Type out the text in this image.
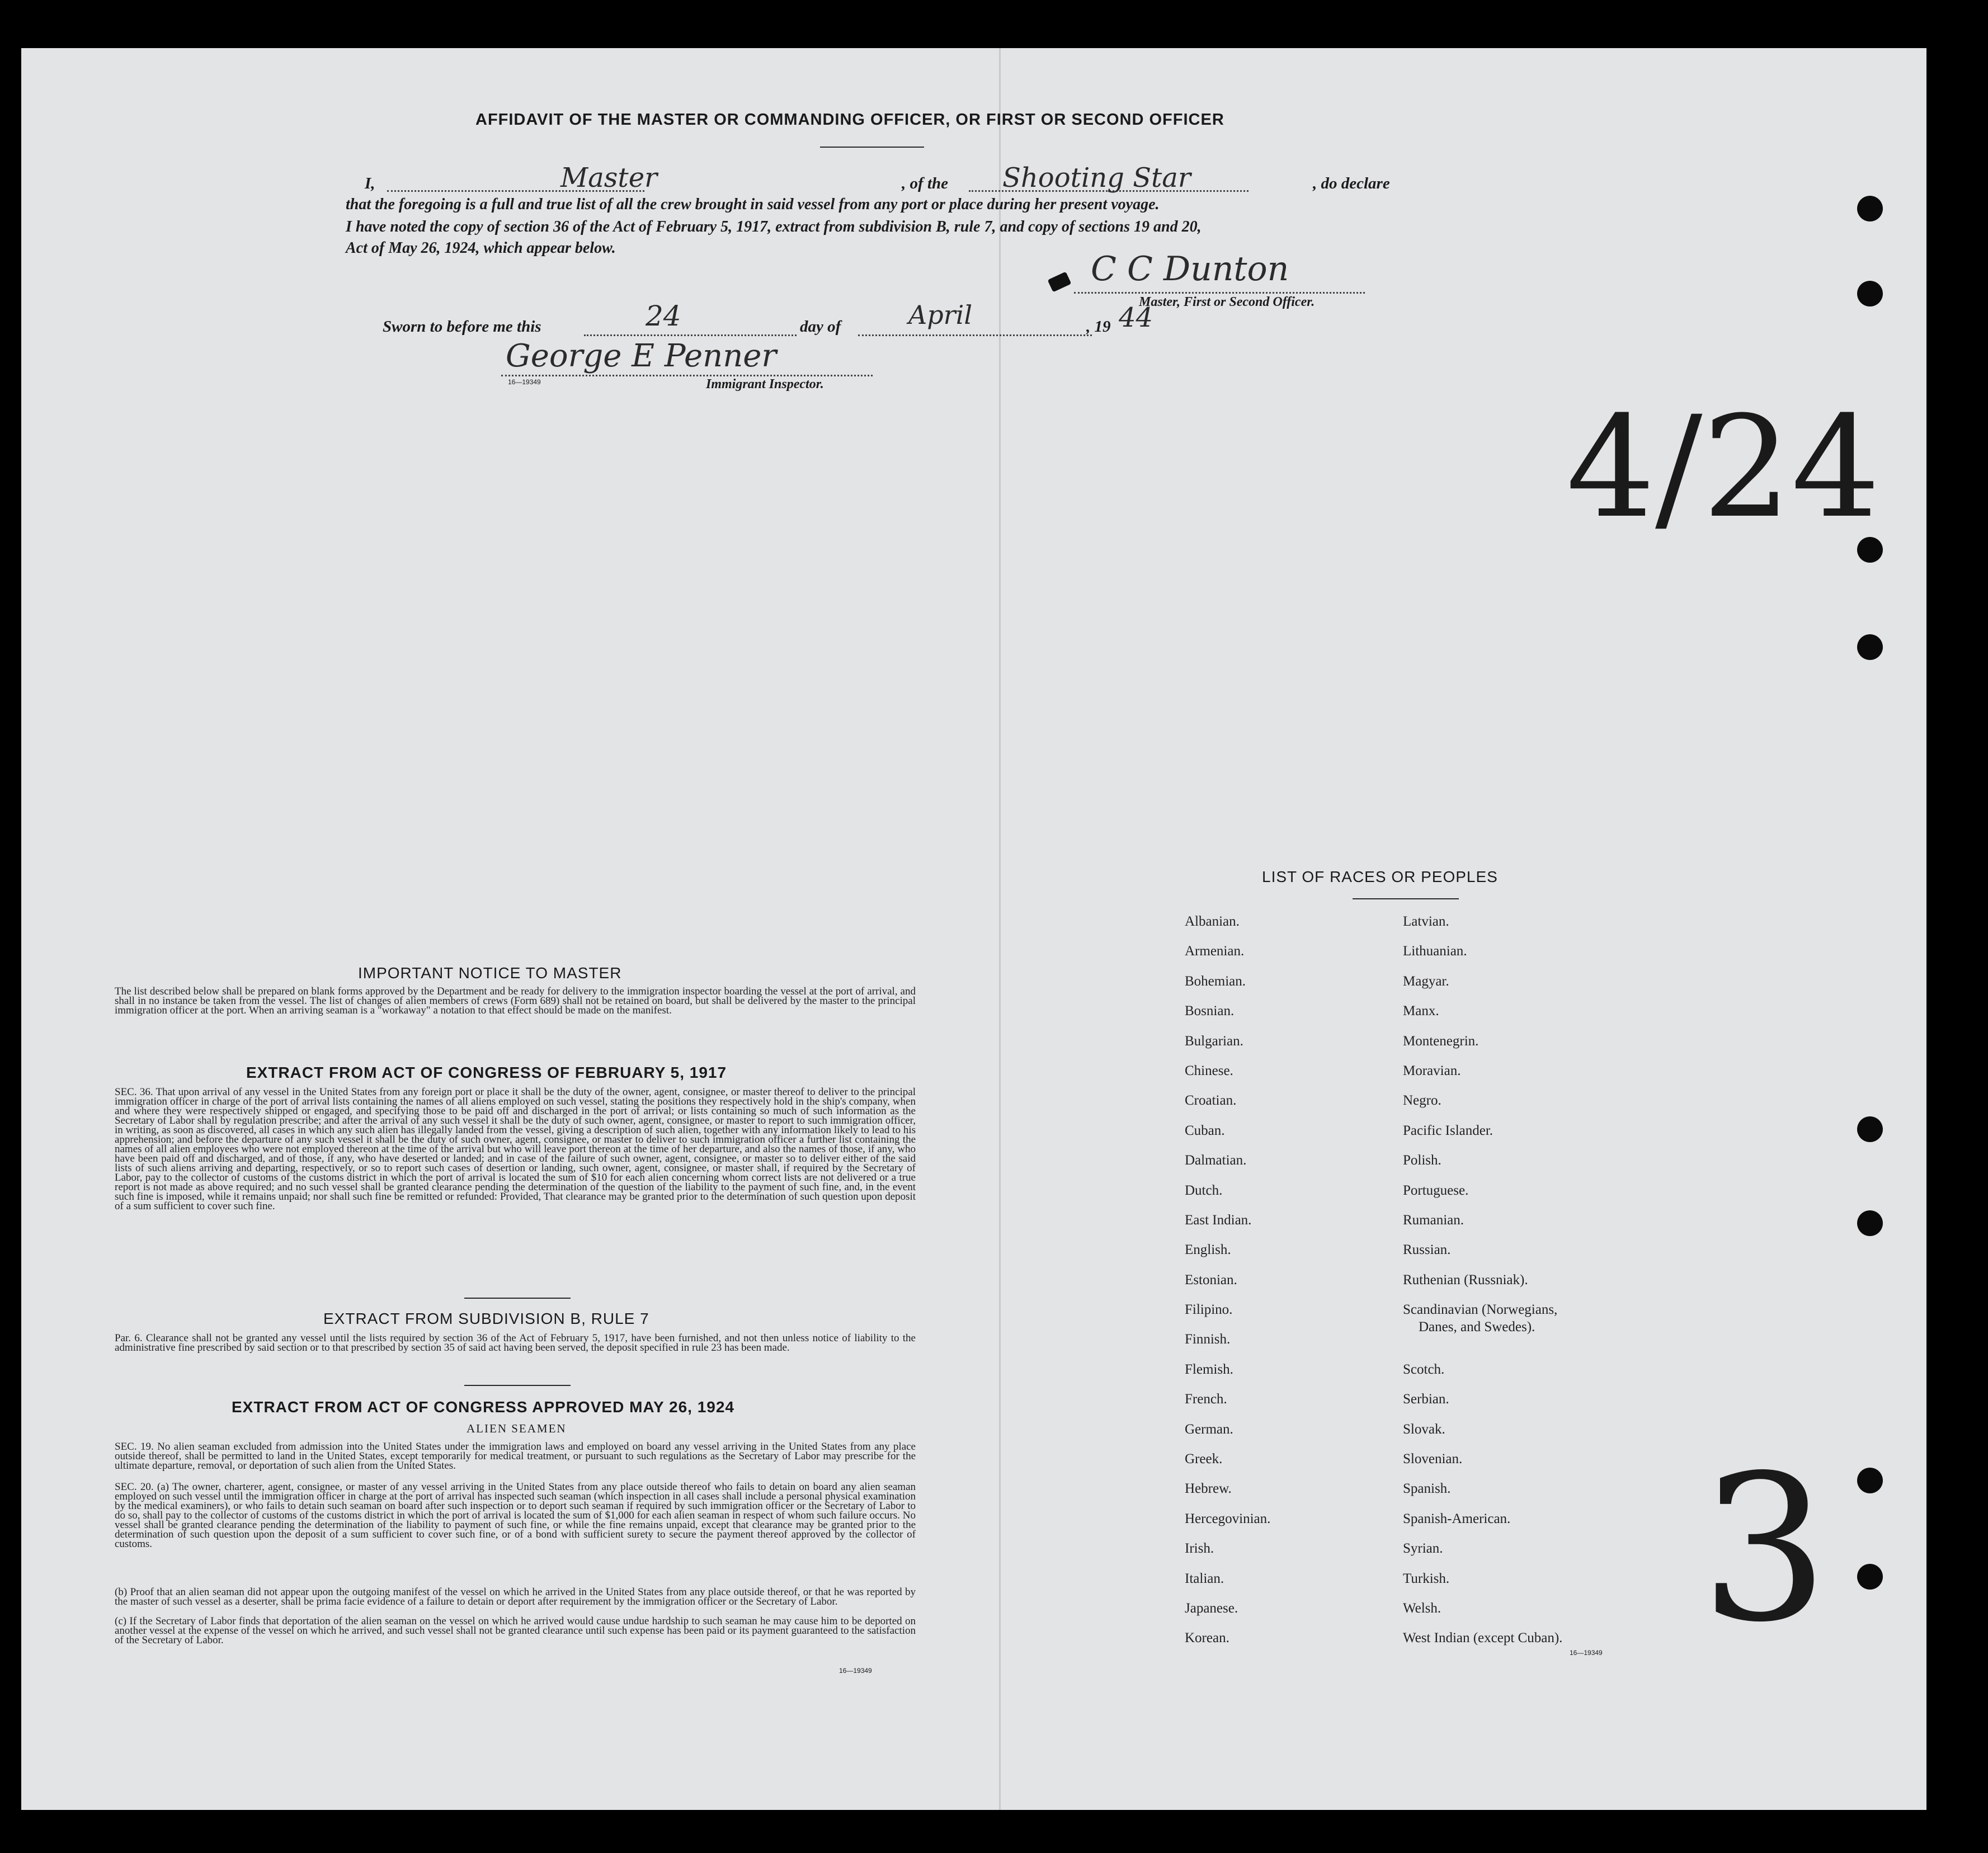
AFFIDAVIT OF THE MASTER OR COMMANDING OFFICER, OR FIRST OR SECOND OFFICER
I,	Master	, of the Shooting Star	, do declare
that the foregoing is a full and true list of all the crew brought in said vessel from any port or place during her present voyage.
I have noted the copy of section 36 of the Act of February 5, 1917, extract from subdivision B, rule 7, and copy of sections 19 and 20,
Act of May 26, 1924, which appear below.
C C Dunton
Master, First or Second Officer.
Sworn to before me this	24	day of	April	, 19 44
George E Penner
16—19349	Immigrant Inspector.
4/24
3
IMPORTANT NOTICE TO MASTER
The list described below shall be prepared on blank forms approved by the Department and be ready for delivery to the immigration inspector boarding the vessel at the port of arrival, and shall in no instance be taken from the vessel. The list of changes of alien members of crews (Form 689) shall not be retained on board, but shall be delivered by the master to the principal immigration officer at the port. When an arriving seaman is a "workaway" a notation to that effect should be made on the manifest.
EXTRACT FROM ACT OF CONGRESS OF FEBRUARY 5, 1917
SEC. 36. That upon arrival of any vessel in the United States from any foreign port or place it shall be the duty of the owner, agent, consignee, or master thereof to deliver to the principal immigration officer in charge of the port of arrival lists containing the names of all aliens employed on such vessel, stating the positions they respectively hold in the ship's company, when and where they were respectively shipped or engaged, and specifying those to be paid off and discharged in the port of arrival; or lists containing so much of such information as the Secretary of Labor shall by regulation prescribe; and after the arrival of any such vessel it shall be the duty of such owner, agent, consignee, or master to report to such immigration officer, in writing, as soon as discovered, all cases in which any such alien has illegally landed from the vessel, giving a description of such alien, together with any information likely to lead to his apprehension; and before the departure of any such vessel it shall be the duty of such owner, agent, consignee, or master to deliver to such immigration officer a further list containing the names of all alien employees who were not employed thereon at the time of the arrival but who will leave port thereon at the time of her departure, and also the names of those, if any, who have been paid off and discharged, and of those, if any, who have deserted or landed; and in case of the failure of such owner, agent, consignee, or master so to deliver either of the said lists of such aliens arriving and departing, respectively, or so to report such cases of desertion or landing, such owner, agent, consignee, or master shall, if required by the Secretary of Labor, pay to the collector of customs of the customs district in which the port of arrival is located the sum of $10 for each alien concerning whom correct lists are not delivered or a true report is not made as above required; and no such vessel shall be granted clearance pending the determination of the question of the liability to the payment of such fine, and, in the event such fine is imposed, while it remains unpaid; nor shall such fine be remitted or refunded: Provided, That clearance may be granted prior to the determination of such question upon deposit of a sum sufficient to cover such fine.
EXTRACT FROM SUBDIVISION B, RULE 7
Par. 6. Clearance shall not be granted any vessel until the lists required by section 36 of the Act of February 5, 1917, have been furnished, and not then unless notice of liability to the administrative fine prescribed by said section or to that prescribed by section 35 of said act having been served, the deposit specified in rule 23 has been made.
EXTRACT FROM ACT OF CONGRESS APPROVED MAY 26, 1924
ALIEN SEAMEN
SEC. 19. No alien seaman excluded from admission into the United States under the immigration laws and employed on board any vessel arriving in the United States from any place outside thereof, shall be permitted to land in the United States, except temporarily for medical treatment, or pursuant to such regulations as the Secretary of Labor may prescribe for the ultimate departure, removal, or deportation of such alien from the United States.
SEC. 20. (a) The owner, charterer, agent, consignee, or master of any vessel arriving in the United States from any place outside thereof who fails to detain on board any alien seaman employed on such vessel until the immigration officer in charge at the port of arrival has inspected such seaman (which inspection in all cases shall include a personal physical examination by the medical examiners), or who fails to detain such seaman on board after such inspection or to deport such seaman if required by such immigration officer or the Secretary of Labor to do so, shall pay to the collector of customs of the customs district in which the port of arrival is located the sum of $1,000 for each alien seaman in respect of whom such failure occurs. No vessel shall be granted clearance pending the determination of the liability to payment of such fine, or while the fine remains unpaid, except that clearance may be granted prior to the determination of such question upon the deposit of a sum sufficient to cover such fine, or of a bond with sufficient surety to secure the payment thereof approved by the collector of customs.
(b) Proof that an alien seaman did not appear upon the outgoing manifest of the vessel on which he arrived in the United States from any place outside thereof, or that he was reported by the master of such vessel as a deserter, shall be prima facie evidence of a failure to detain or deport after requirement by the immigration officer or the Secretary of Labor.
(c) If the Secretary of Labor finds that deportation of the alien seaman on the vessel on which he arrived would cause undue hardship to such seaman he may cause him to be deported on another vessel at the expense of the vessel on which he arrived, and such vessel shall not be granted clearance until such expense has been paid or its payment guaranteed to the satisfaction of the Secretary of Labor.
16—19349
LIST OF RACES OR PEOPLES
Albanian.
Armenian.
Bohemian.
Bosnian.
Bulgarian.
Chinese.
Croatian.
Cuban.
Dalmatian.
Dutch.
East Indian.
English.
Estonian.
Filipino.
Finnish.
Flemish.
French.
German.
Greek.
Hebrew.
Hercegovinian.
Irish.
Italian.
Japanese.
Korean.
Latvian.
Lithuanian.
Magyar.
Manx.
Montenegrin.
Moravian.
Negro.
Pacific Islander.
Polish.
Portuguese.
Rumanian.
Russian.
Ruthenian (Russniak).
Scandinavian (Norwegians,
Danes, and Swedes).
Scotch.
Serbian.
Slovak.
Slovenian.
Spanish.
Spanish-American.
Syrian.
Turkish.
Welsh.
West Indian (except Cuban).
16—19349
